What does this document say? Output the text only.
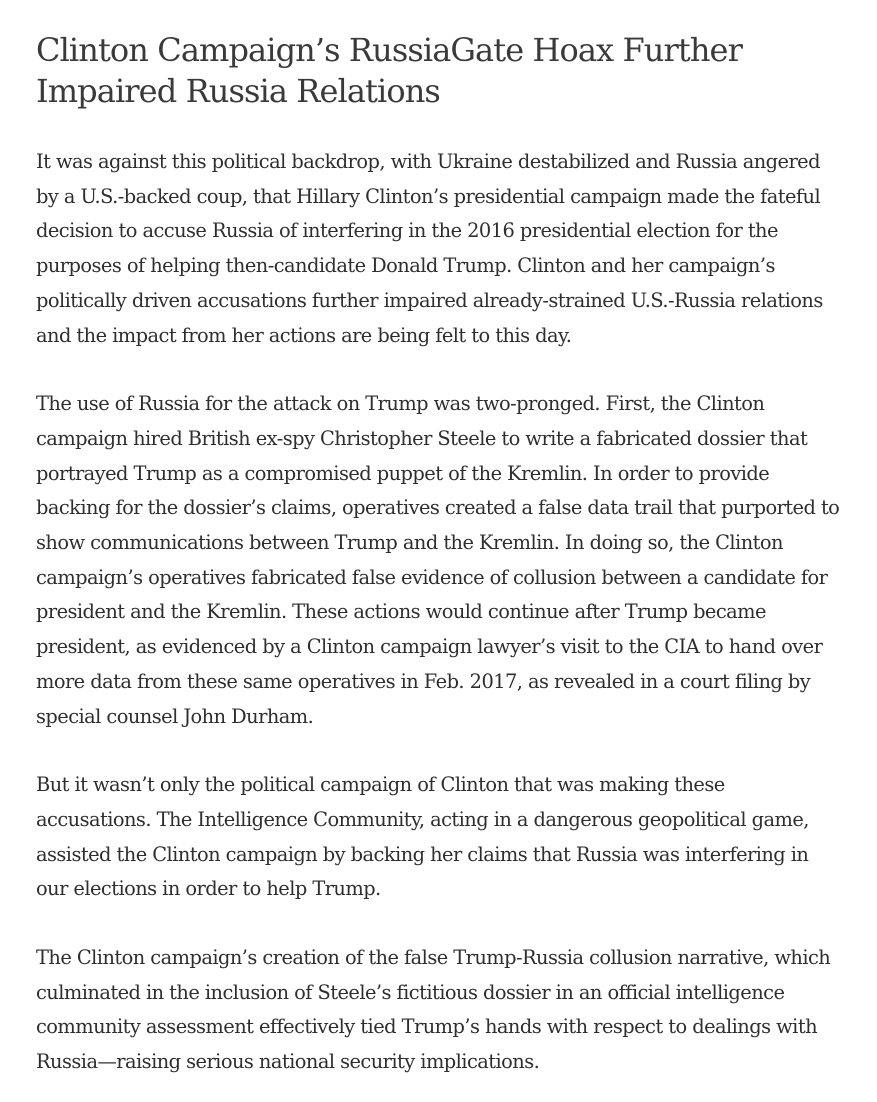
Clinton Campaign’s RussiaGate Hoax Further Impaired Russia Relations

It was against this political backdrop, with Ukraine destabilized and Russia angered by a U.S.-backed coup, that Hillary Clinton’s presidential campaign made the fateful decision to accuse Russia of interfering in the 2016 presidential election for the purposes of helping then-candidate Donald Trump. Clinton and her campaign’s politically driven accusations further impaired already-strained U.S.-Russia relations and the impact from her actions are being felt to this day.

The use of Russia for the attack on Trump was two-pronged. First, the Clinton campaign hired British ex-spy Christopher Steele to write a fabricated dossier that portrayed Trump as a compromised puppet of the Kremlin. In order to provide backing for the dossier’s claims, operatives created a false data trail that purported to show communications between Trump and the Kremlin. In doing so, the Clinton campaign’s operatives fabricated false evidence of collusion between a candidate for president and the Kremlin. These actions would continue after Trump became president, as evidenced by a Clinton campaign lawyer’s visit to the CIA to hand over more data from these same operatives in Feb. 2017, as revealed in a court filing by special counsel John Durham.

But it wasn’t only the political campaign of Clinton that was making these accusations. The Intelligence Community, acting in a dangerous geopolitical game, assisted the Clinton campaign by backing her claims that Russia was interfering in our elections in order to help Trump.

The Clinton campaign’s creation of the false Trump-Russia collusion narrative, which culminated in the inclusion of Steele’s fictitious dossier in an official intelligence community assessment effectively tied Trump’s hands with respect to dealings with Russia—raising serious national security implications.
